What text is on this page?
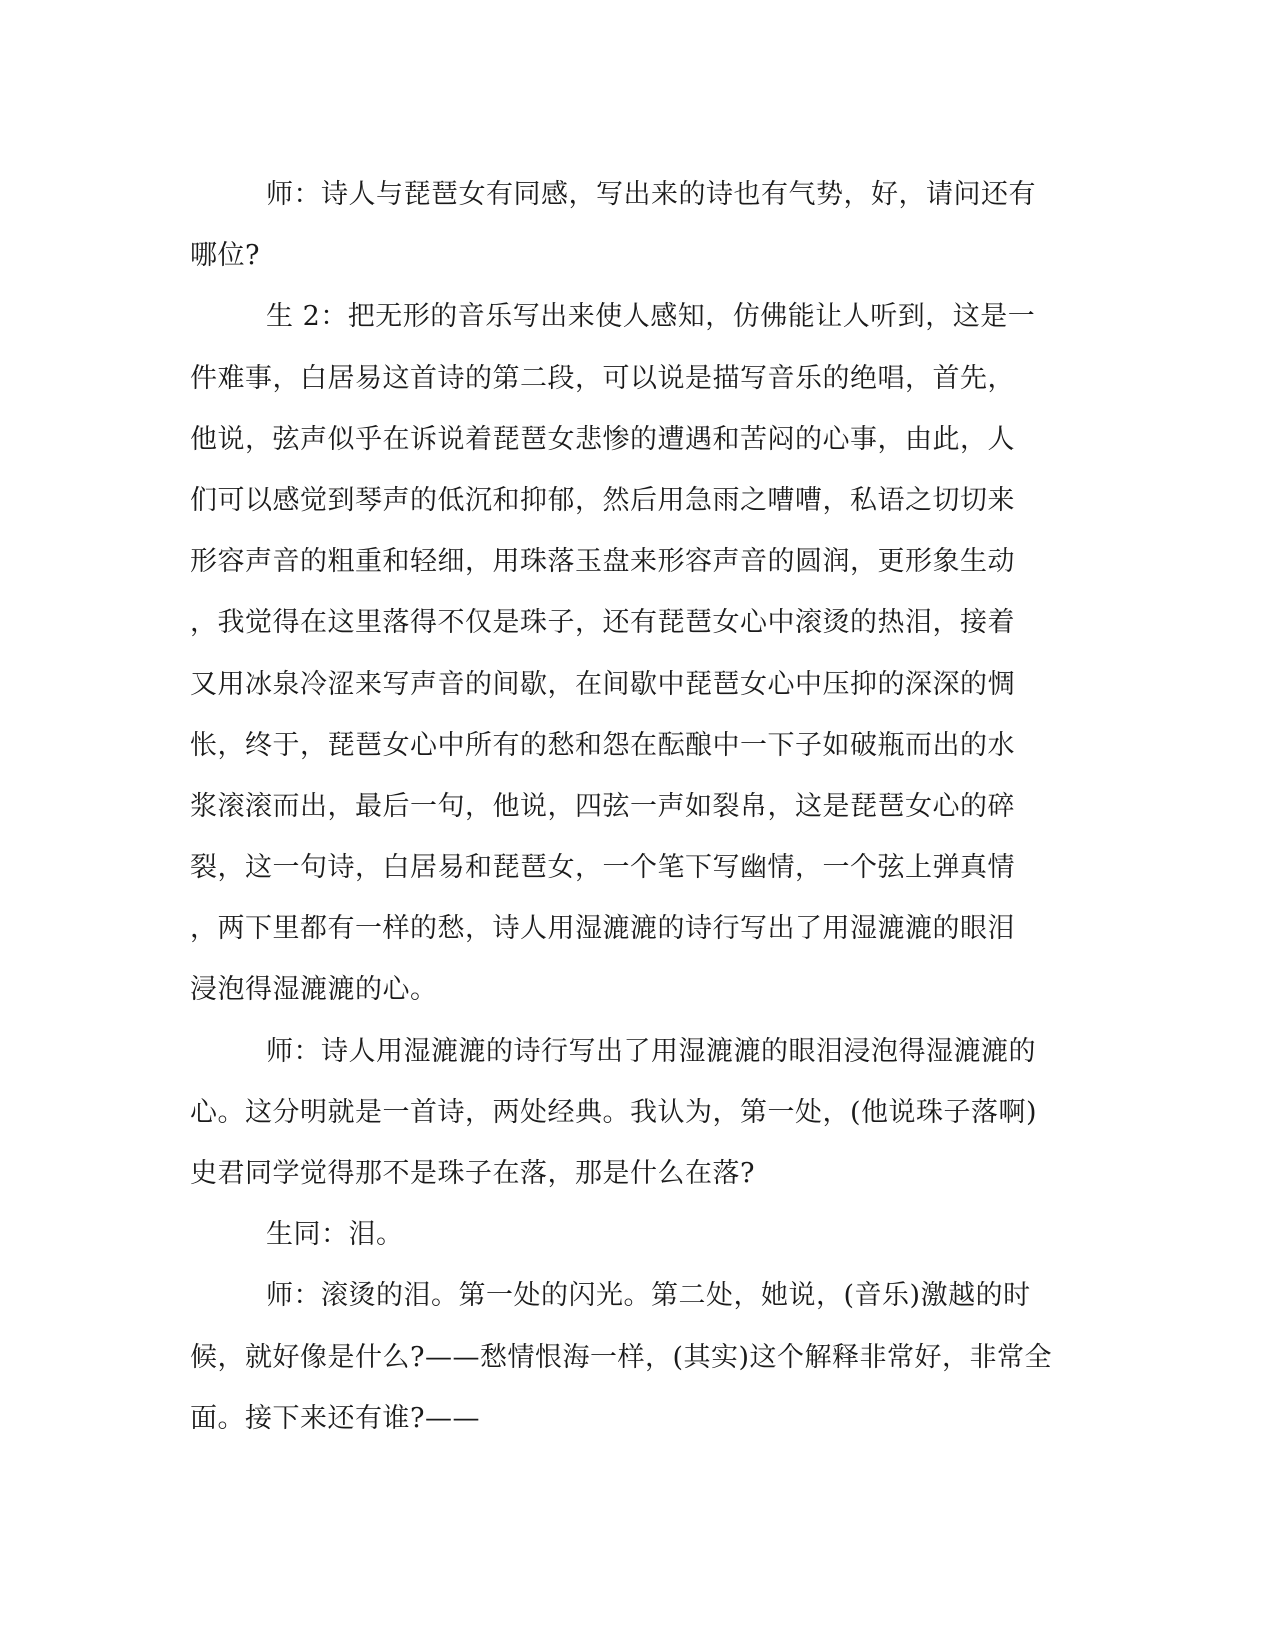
师：诗人与琵琶女有同感，写出来的诗也有气势，好，请问还有
哪位?
生 2：把无形的音乐写出来使人感知，仿佛能让人听到，这是一
件难事，白居易这首诗的第二段，可以说是描写音乐的绝唱，首先，
他说，弦声似乎在诉说着琵琶女悲惨的遭遇和苦闷的心事，由此，人
们可以感觉到琴声的低沉和抑郁，然后用急雨之嘈嘈，私语之切切来
形容声音的粗重和轻细，用珠落玉盘来形容声音的圆润，更形象生动
，我觉得在这里落得不仅是珠子，还有琵琶女心中滚烫的热泪，接着
又用冰泉冷涩来写声音的间歇，在间歇中琵琶女心中压抑的深深的惆
怅，终于，琵琶女心中所有的愁和怨在酝酿中一下子如破瓶而出的水
浆滚滚而出，最后一句，他说，四弦一声如裂帛，这是琵琶女心的碎
裂，这一句诗，白居易和琵琶女，一个笔下写幽情，一个弦上弹真情
，两下里都有一样的愁，诗人用湿漉漉的诗行写出了用湿漉漉的眼泪
浸泡得湿漉漉的心。
师：诗人用湿漉漉的诗行写出了用湿漉漉的眼泪浸泡得湿漉漉的
心。这分明就是一首诗，两处经典。我认为，第一处，(他说珠子落啊)
史君同学觉得那不是珠子在落，那是什么在落?
生同：泪。
师：滚烫的泪。第一处的闪光。第二处，她说，(音乐)激越的时
候，就好像是什么?——愁情恨海一样，(其实)这个解释非常好，非常全
面。接下来还有谁?——
